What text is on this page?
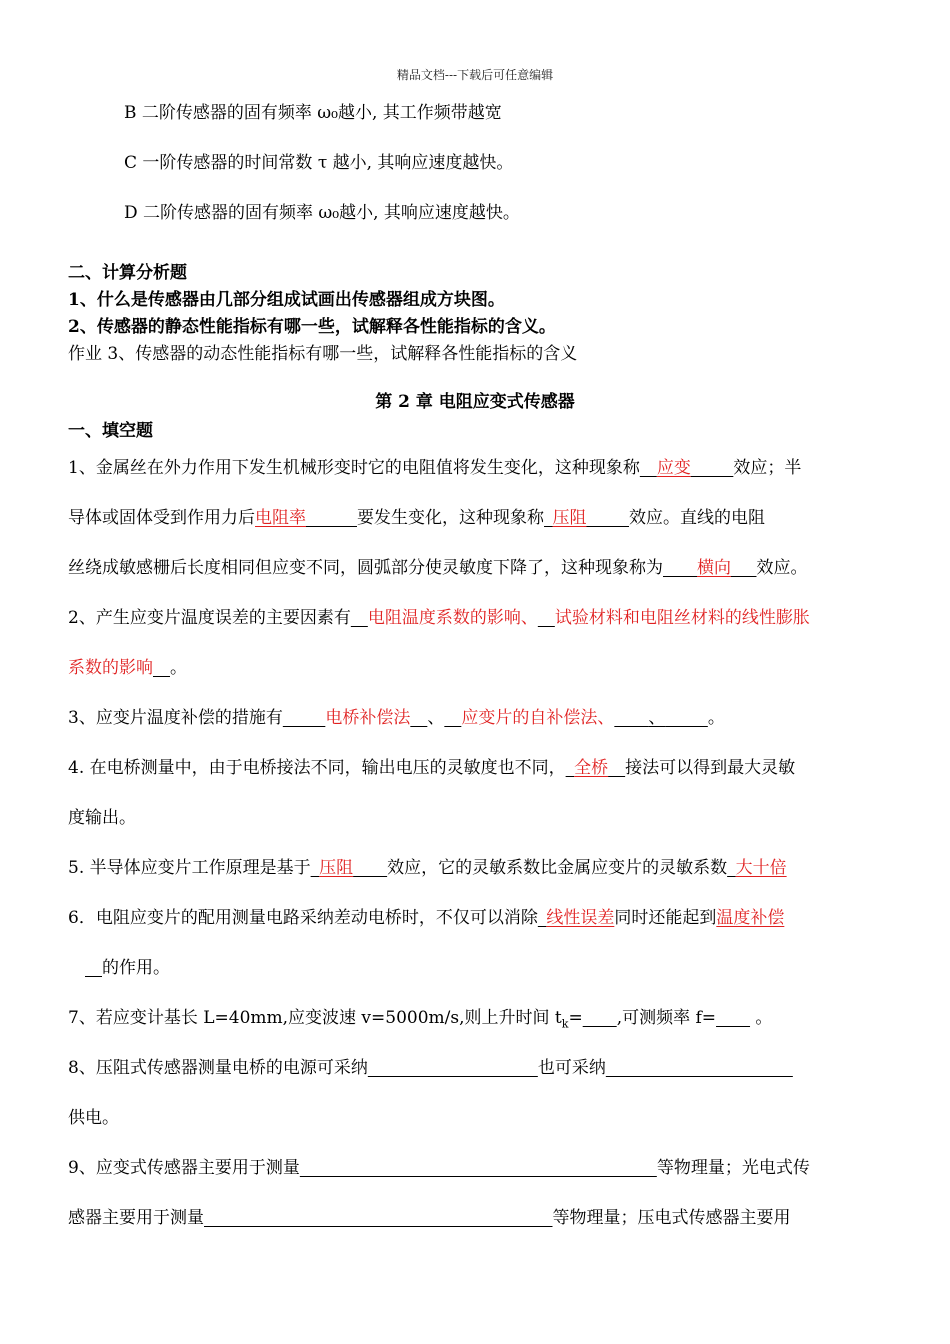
精品文档---下载后可任意编辑
B 二阶传感器的固有频率 ω₀越小, 其工作频带越宽
C 一阶传感器的时间常数 τ 越小, 其响应速度越快。
D 二阶传感器的固有频率 ω₀越小, 其响应速度越快。
二、计算分析题
1、什么是传感器由几部分组成试画出传感器组成方块图。
2、传感器的静态性能指标有哪一些，试解释各性能指标的含义。
作业 3、传感器的动态性能指标有哪一些，试解释各性能指标的含义
第 2 章 电阻应变式传感器
一、填空题
1、金属丝在外力作用下发生机械形变时它的电阻值将发生变化，这种现象称   应变     	效应；半
导体或固体受到作用力后电阻率      	要发生变化，这种现象称  压阻     	效应。直线的电阻
丝绕成敏感栅后长度相同但应变不同，圆弧部分使灵敏度下降了，这种现象称为     横向    效应。
2、产生应变片温度误差的主要因素有   电阻温度系数的影响、   试验材料和电阻丝材料的线性膨胀
系数的影响   。
3、应变片温度补偿的措施有     	电桥补偿法   、   应变片的自补偿法、     、     	。
4. 在电桥测量中，由于电桥接法不同，输出电压的灵敏度也不同，  全桥   接法可以得到最大灵敏
度输出。
5. 半导体应变片工作原理是基于  压阻     效应，它的灵敏系数比金属应变片的灵敏系数  大十倍
6．电阻应变片的配用测量电路采纳差动电桥时，不仅可以消除  线性误差同时还能起到温度补偿
    的作用。
7、若应变计基长 L=40mm,应变波速 v=5000m/s,则上升时间 $t_k=$     ,可测频率 f=     。
8、压阻式传感器测量电桥的电源可采纳                    	也可采纳                      
供电。
9、应变式传感器主要用于测量                                          	等物理量；光电式传
感器主要用于测量                                         	等物理量；压电式传感器主要用
